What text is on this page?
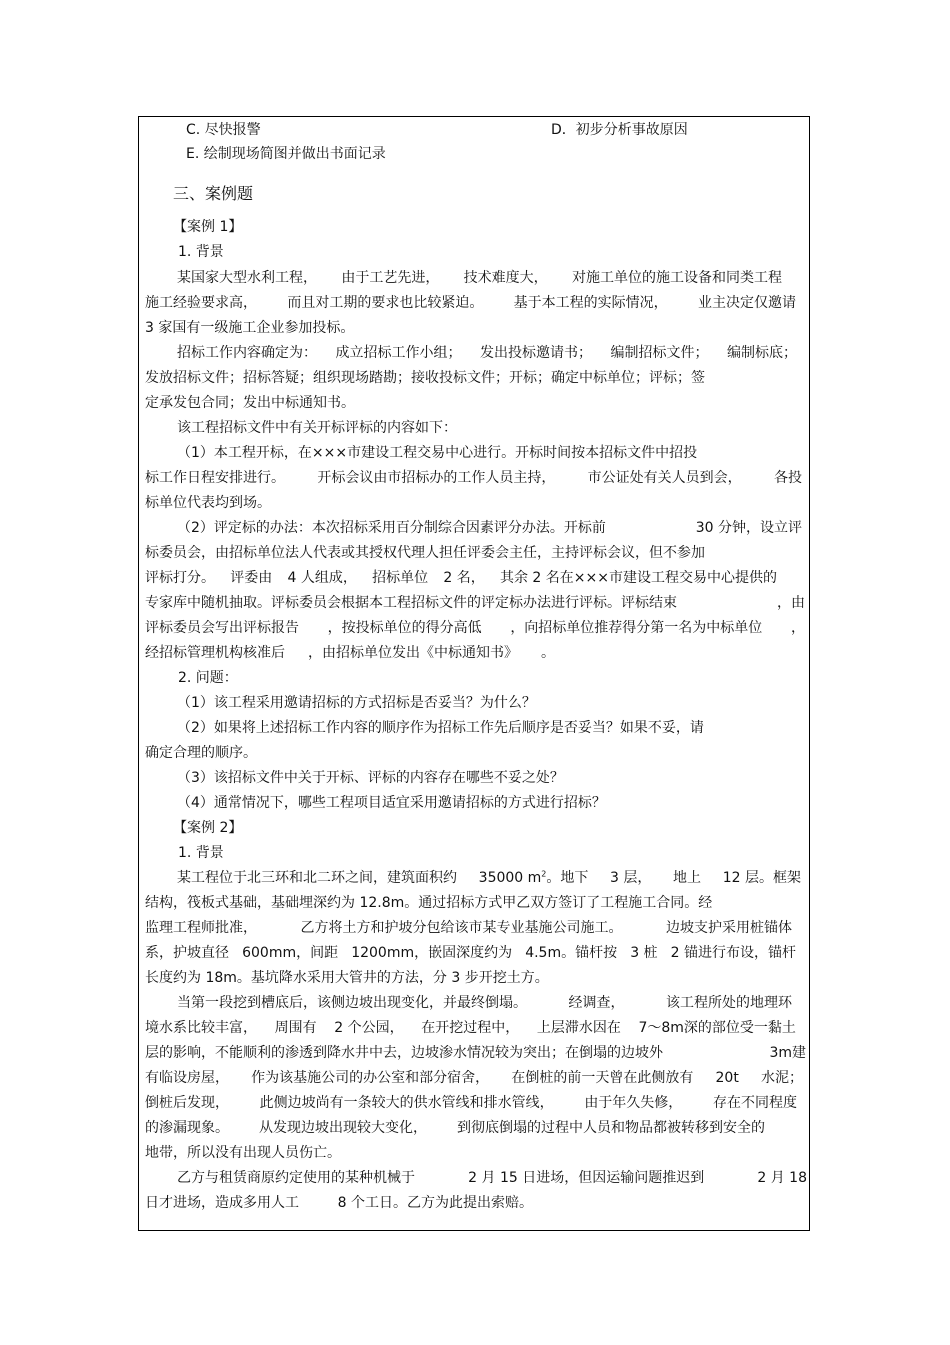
C. 尽快报警	D．初步分析事故原因
E. 绘制现场简图并做出书面记录
三、案例题
【案例 1】
1. 背景
某国家大型水利工程， 由于工艺先进， 技术难度大， 对施工单位的施工设备和同类工程
施工经验要求高， 而且对工期的要求也比较紧迫。 基于本工程的实际情况， 业主决定仅邀请
3 家国有一级施工企业参加投标。
招标工作内容确定为： 成立招标工作小组； 发出投标邀请书； 编制招标文件； 编制标底；
发放招标文件；招标答疑；组织现场踏勘；接收投标文件；开标；确定中标单位；评标；签
定承发包合同；发出中标通知书。
该工程招标文件中有关开标评标的内容如下：
（1）本工程开标，在×××市建设工程交易中心进行。开标时间按本招标文件中招投
标工作日程安排进行。 开标会议由市招标办的工作人员主持， 市公证处有关人员到会， 各投
标单位代表均到场。
（2）评定标的办法：本次招标采用百分制综合因素评分办法。开标前	30 分钟，设立评
标委员会，由招标单位法人代表或其授权代理人担任评委会主任，主持评标会议，但不参加
评标打分。 评委由 4 人组成， 招标单位 2 名， 其余 2 名在×××市建设工程交易中心提供的
专家库中随机抽取。评标委员会根据本工程招标文件的评定标办法进行评标。评标结束	，由
评标委员会写出评标报告 ，按投标单位的得分高低 ，向招标单位推荐得分第一名为中标单位 ，
经招标管理机构核准后 ，由招标单位发出《中标通知书》 。
2. 问题：
（1）该工程采用邀请招标的方式招标是否妥当？为什么？
（2）如果将上述招标工作内容的顺序作为招标工作先后顺序是否妥当？如果不妥，请
确定合理的顺序。
（3）该招标文件中关于开标、评标的内容存在哪些不妥之处？
（4）通常情况下，哪些工程项目适宜采用邀请招标的方式进行招标？
【案例 2】
1. 背景
某工程位于北三环和北二环之间，建筑面积约 35000 $m^2$。地下 3 层， 地上 12 层。框架
结构，筏板式基础，基础埋深约为 12.8m。通过招标方式甲乙双方签订了工程施工合同。经
监理工程师批准，	乙方将土方和护坡分包给该市某专业基施公司施工。	边坡支护采用桩锚体
系，护坡直径 600mm，间距 1200mm，嵌固深度约为 4.5m。锚杆按 3 桩 2 锚进行布设，锚杆
长度约为 18m。基坑降水采用大管井的方法，分 3 步开挖土方。
当第一段挖到槽底后，该侧边坡出现变化，并最终倒塌。	经调查，	该工程所处的地理环
境水系比较丰富， 周围有 2 个公园， 在开挖过程中， 上层滞水因在 7～8m深的部位受一黏土
层的影响，不能顺利的渗透到降水井中去，边坡渗水情况较为突出；在倒塌的边坡外	3m建
有临设房屋， 作为该基施公司的办公室和部分宿舍， 在倒桩的前一天曾在此侧放有 20t 水泥；
倒桩后发现， 此侧边坡尚有一条较大的供水管线和排水管线， 由于年久失修， 存在不同程度
的渗漏现象。 从发现边坡出现较大变化， 到彻底倒塌的过程中人员和物品都被转移到安全的
地带，所以没有出现人员伤亡。
乙方与租赁商原约定使用的某种机械于	2 月 15 日进场，但因运输问题推迟到	2 月 18
日才进场，造成多用人工	8 个工日。乙方为此提出索赔。
